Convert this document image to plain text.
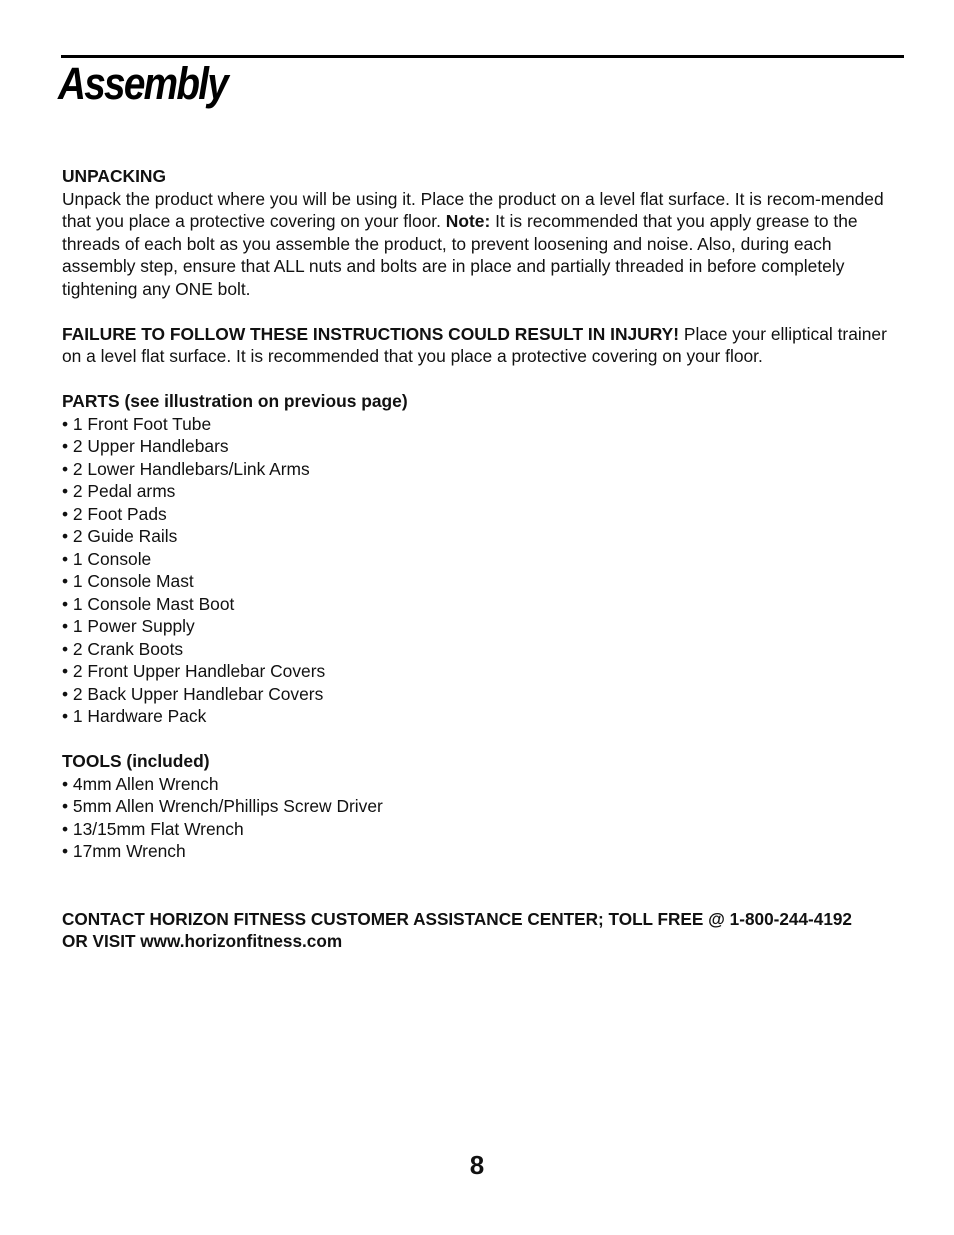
Assembly
UNPACKING

Unpack the product where you will be using it. Place the product on a level flat surface. It is recom-mended that you place a protective covering on your floor. Note: It is recommended that you apply grease to the threads of each bolt as you assemble the product, to prevent loosening and noise. Also, during each assembly step, ensure that ALL nuts and bolts are in place and partially threaded in before completely tightening any ONE bolt.

FAILURE TO FOLLOW THESE INSTRUCTIONS COULD RESULT IN INJURY! Place your elliptical trainer on a level flat surface. It is recommended that you place a protective covering on your floor.

PARTS (see illustration on previous page)
• 1 Front Foot Tube
• 2 Upper Handlebars
• 2 Lower Handlebars/Link Arms
• 2 Pedal arms
• 2 Foot Pads
• 2 Guide Rails
• 1 Console
• 1 Console Mast
• 1 Console Mast Boot
• 1 Power Supply
• 2 Crank Boots
• 2 Front Upper Handlebar Covers
• 2 Back Upper Handlebar Covers
• 1 Hardware Pack
TOOLS (included)
• 4mm Allen Wrench
• 5mm Allen Wrench/Phillips Screw Driver
• 13/15mm Flat Wrench
• 17mm Wrench
CONTACT HORIZON FITNESS CUSTOMER ASSISTANCE CENTER; TOLL FREE @ 1-800-244-4192
OR VISIT www.horizonfitness.com
8
